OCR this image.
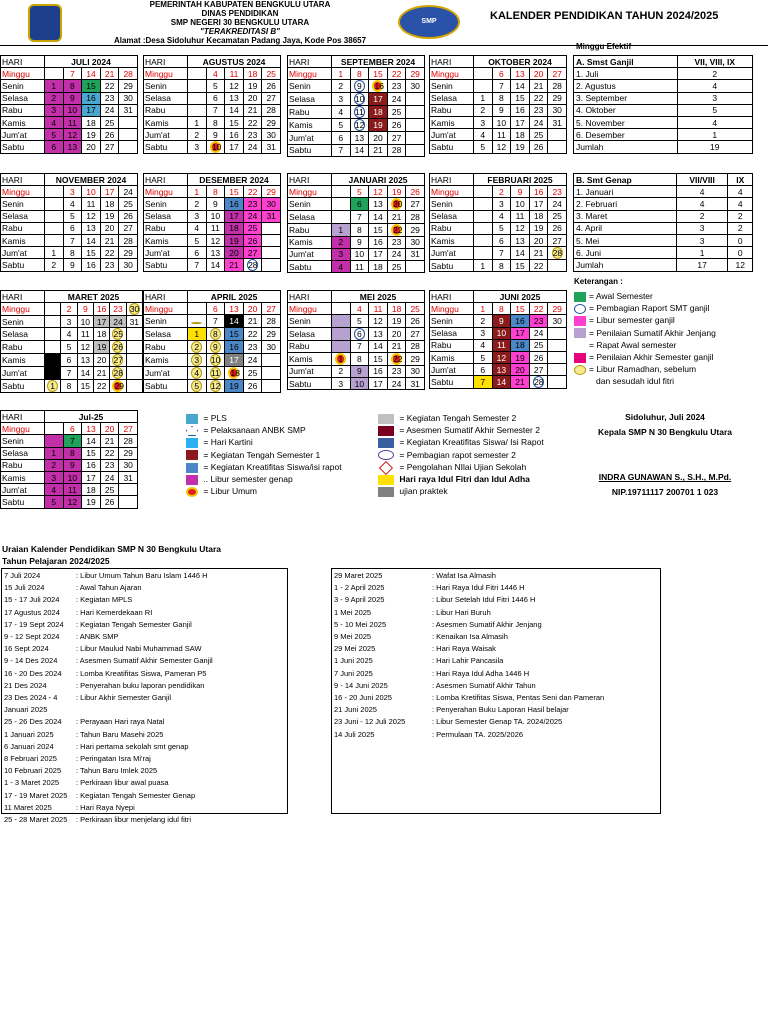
PEMERINTAH KABUPATEN BENGKULU UTARA
DINAS PENDIDIKAN
SMP NEGERI 30 BENGKULU UTARA
"TERAKREDITASI B"
Alamat :Desa Sidoluhur Kecamatan Padang Jaya, Kode Pos 38657
SMP	KALENDER PENDIDIKAN TAHUN 2024/2025
HARI	JULI 2024				
Minggu		7	14	21	28
Senin	1	8	15	22	29
Selasa	2	9	16	23	30
Rabu	3	10	17	24	31
Kamis	4	11	18	25	
Jum'at	5	12	19	26	
Sabtu	6	13	20	27	
HARI	AGUSTUS 2024				
Minggu		4	11	18	25
Senin		5	12	19	26
Selasa		6	13	20	27
Rabu		7	14	21	28
Kamis	1	8	15	22	29
Jum'at	2	9	16	23	30
Sabtu	3	10	17	24	31
HARI	SEPTEMBER 2024				
Minggu	1	8	15	22	29
Senin	2	9	16	23	30
Selasa	3	10	17	24	
Rabu	4	11	18	25	
Kamis	5	12	19	26	
Jum'at	6	13	20	27	
Sabtu	7	14	21	28	
HARI	OKTOBER 2024				
Minggu		6	13	20	27
Senin		7	14	21	28
Selasa	1	8	15	22	29
Rabu	2	9	16	23	30
Kamis	3	10	17	24	31
Jum'at	4	11	18	25	
Sabtu	5	12	19	26	
HARI	NOVEMBER 2024				
Minggu		3	10	17	24
Senin		4	11	18	25
Selasa		5	12	19	26
Rabu		6	13	20	27
Kamis		7	14	21	28
Jum'at	1	8	15	22	29
Sabtu	2	9	16	23	30
HARI	DESEMBER 2024				
Minggu	1	8	15	22	29
Senin	2	9	16	23	30
Selasa	3	10	17	24	31
Rabu	4	11	18	25	
Kamis	5	12	19	26	
Jum'at	6	13	20	27	
Sabtu	7	14	21	28	
HARI	JANUARI 2025				
Minggu		5	12	19	26
Senin		6	13	20	27
Selasa		7	14	21	28
Rabu	1	8	15	22	29
Kamis	2	9	16	23	30
Jum'at	3	10	17	24	31
Sabtu	4	11	18	25	
HARI	FEBRUARI 2025				
Minggu		2	9	16	23
Senin		3	10	17	24
Selasa		4	11	18	25
Rabu		5	12	19	26
Kamis		6	13	20	27
Jum'at		7	14	21	28
Sabtu	1	8	15	22	
HARI	MARET 2025					
Minggu		2	9	16	23	30
Senin		3	10	17	24	31
Selasa		4	11	18	25	
Rabu		5	12	19	26	
Kamis		6	13	20	27	
Jum'at		7	14	21	28	
Sabtu	1	8	15	22	29	
HARI	APRIL 2025				
Minggu		6	13	20	27
Senin		7	14	21	28
Selasa	1	8	15	22	29
Rabu	2	9	16	23	30
Kamis	3	10	17	24	
Jum'at	4	11	18	25	
Sabtu	5	12	19	26	
HARI	MEI 2025				
Minggu		4	11	18	25
Senin		5	12	19	26
Selasa		6	13	20	27
Rabu		7	14	21	28
Kamis	1	8	15	22	29
Jum'at	2	9	16	23	30
Sabtu	3	10	17	24	31
HARI	JUNI 2025				
Minggu	1	8	15	22	29
Senin	2	9	16	23	30
Selasa	3	10	17	24	
Rabu	4	11	18	25	
Kamis	5	12	19	26	
Jum'at	6	13	20	27	
Sabtu	7	14	21	28	
HARI	Jul-25				
Minggu		6	13	20	27
Senin		7	14	21	28
Selasa	1	8	15	22	29
Rabu	2	9	16	23	30
Kamis	3	10	17	24	31
Jum'at	4	11	18	25	
Sabtu	5	12	19	26	
Minggu Efektif
A. Smst Ganjil	VII, VIII, IX
1. Juli	2
2. Agustus	4
3. September	3
4. Oktober	5
5. November	4
6. Desember	1
Jumlah	19
B. Smt Genap	VII/VIII	IX
1. Januari	4	4
2. Februari	4	4
3. Maret	2	2
4. April	3	2
5. Mei	3	0
6. Juni	1	0
Jumlah	17	12
Keterangan :
= Awal Semester
= Pembagian Raport SMT ganjil
= Libur semester ganjil
= Penilaian Sumatif Akhir Jenjang
= Rapat Awal semester
= Penilaian Akhir Semester ganjil
= Libur Ramadhan, sebelum
dan sesudah idul fitri
= PLS
= Pelaksanaan ANBK SMP
= Hari Kartini
= Kegiatan Tengah Semester 1
= Kegiatan Kreatifitas Siswa/isi rapot
.. Libur semester genap
= Libur Umum
= Kegiatan Tengah Semester 2
= Asesmen Sumatif Akhir Semester 2
= Kegiatan Kreatifitas Siswa/ Isi Rapot
= Pembagian rapot semester 2
= Pengolahan NIlai Ujian Sekolah
Hari raya Idul Fitri dan Idul Adha
ujian praktek
Sidoluhur, Juli 2024
Kepala SMP N 30 Bengkulu Utara
INDRA GUNAWAN S., S.H., M.Pd.
NIP.19711117 200701 1 023
Uraian Kalender Pendidikan SMP N 30 Bengkulu Utara
Tahun Pelajaran 2024/2025
7 Juli 2024	: Libur Umum Tahun Baru Islam 1446 H
15 Juli 2024	: Awal Tahun Ajaran
15 - 17 Juli 2024	: Kegiatan MPLS
17 Agustus 2024	: Hari Kemerdekaan RI
17 - 19 Sept 2024	: Kegiatan Tengah Semester Ganjil
9 - 12 Sept 2024	: ANBK SMP
16 Sept 2024	: Libur Maulud Nabi Muhammad SAW
9 - 14 Des 2024	: Asesmen Sumatif Akhir Semester Ganjil
16 - 20 Des 2024	: Lomba Kreatifitas Siswa, Pameran P5
21 Des 2024	: Penyerahan buku laporan pendidikan
23 Des 2024 - 4 Januari 2025
: Libur Akhir Semester Ganjil
25 - 26 Des 2024	: Perayaan Hari raya Natal
1 Januari 2025	: Tahun Baru Masehi 2025
6 Januari 2024	: Hari pertama sekolah smt genap
8 Februari 2025	: Peringatan Isra Mi'raj
10 Februari 2025	: Tahun Baru Imlek 2025
1 - 3 Maret 2025	: Perkiraan libur awal puasa
17 - 19 Maret 2025	: Kegiatan Tengah Semester Genap
11 Maret 2025	: Hari Raya Nyepi
25 - 28 Maret 2025	: Perkiraan libur menjelang idul fitri
29 Maret 2025	: Wafat Isa Almasih
1 - 2 April 2025	: Hari Raya Idul Fitri 1446 H
3 - 9 April 2025	: Libur Setelah Idul Fitri 1446 H
1 Mei 2025	: Libur Hari Buruh
5 - 10 Mei 2025	: Asesmen Sumatif Akhir Jenjang
9 Mei 2025	: Kenaikan Isa Almasih
29 Mei 2025	: Hari Raya Waisak
1 Juni 2025	: Hari Lahir Pancasila
7 Juni 2025	: Hari Raya Idul Adha 1446 H
9 - 14 Juni 2025	: Asesmen Sumatif Akhir Tahun
16 - 20 Juni 2025	: Lomba Kretifitas Siswa, Pentas Seni dan Pameran
21 Juni 2025	: Penyerahan Buku Laporan Hasil belajar
23 Juni - 12 Juli 2025	: Libur Semester Genap TA. 2024/2025
14 Juli 2025	: Permulaan TA. 2025/2026
